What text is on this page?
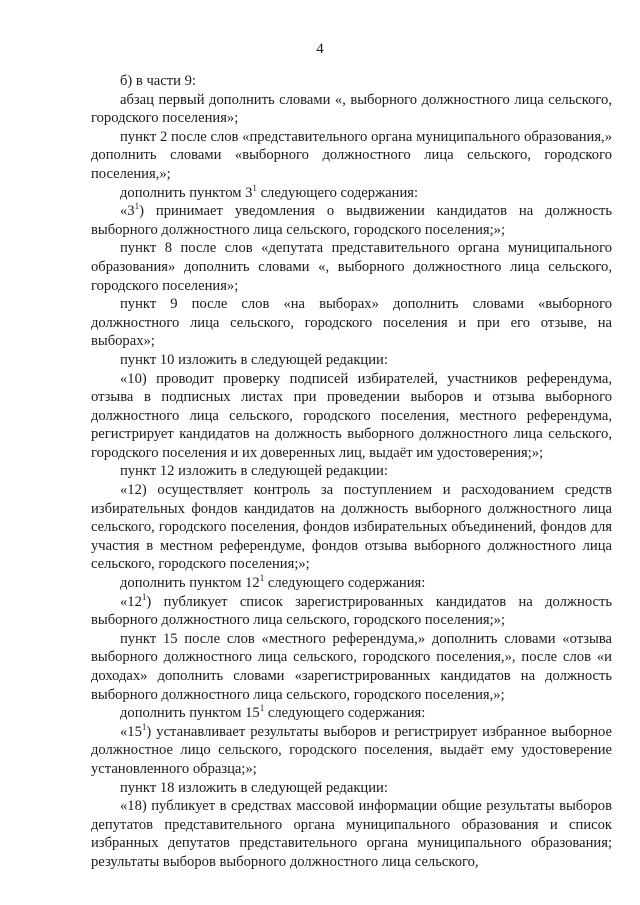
4

б) в части 9:

абзац первый дополнить словами «, выборного должностного лица сельского, городского поселения»;

пункт 2 после слов «представительного органа муниципального образования,» дополнить словами «выборного должностного лица сельского, городского поселения,»;

дополнить пунктом $3^1$ следующего содержания:

«$3^1$) принимает уведомления о выдвижении кандидатов на должность выборного должностного лица сельского, городского поселения;»;

пункт 8 после слов «депутата представительного органа муниципального образования» дополнить словами «, выборного должностного лица сельского, городского поселения»;

пункт 9 после слов «на выборах» дополнить словами «выборного должностного лица сельского, городского поселения и при его отзыве, на выборах»;

пункт 10 изложить в следующей редакции:

«10) проводит проверку подписей избирателей, участников референдума, отзыва в подписных листах при проведении выборов и отзыва выборного должностного лица сельского, городского поселения, местного референдума, регистрирует кандидатов на должность выборного должностного лица сельского, городского поселения и их доверенных лиц, выдаёт им удостоверения;»;

пункт 12 изложить в следующей редакции:

«12) осуществляет контроль за поступлением и расходованием средств избирательных фондов кандидатов на должность выборного должностного лица сельского, городского поселения, фондов избирательных объединений, фондов для участия в местном референдуме, фондов отзыва выборного должностного лица сельского, городского поселения;»;

дополнить пунктом $12^1$ следующего содержания:

«$12^1$) публикует список зарегистрированных кандидатов на должность выборного должностного лица сельского, городского поселения;»;

пункт 15 после слов «местного референдума,» дополнить словами «отзыва выборного должностного лица сельского, городского поселения,», после слов «и доходах» дополнить словами «зарегистрированных кандидатов на должность выборного должностного лица сельского, городского поселения,»;

дополнить пунктом $15^1$ следующего содержания:

«$15^1$) устанавливает результаты выборов и регистрирует избранное выборное должностное лицо сельского, городского поселения, выдаёт ему удостоверение установленного образца;»;

пункт 18 изложить в следующей редакции:

«18) публикует в средствах массовой информации общие результаты выборов депутатов представительного органа муниципального образования и список избранных депутатов представительного органа муниципального образования; результаты выборов выборного должностного лица сельского,
